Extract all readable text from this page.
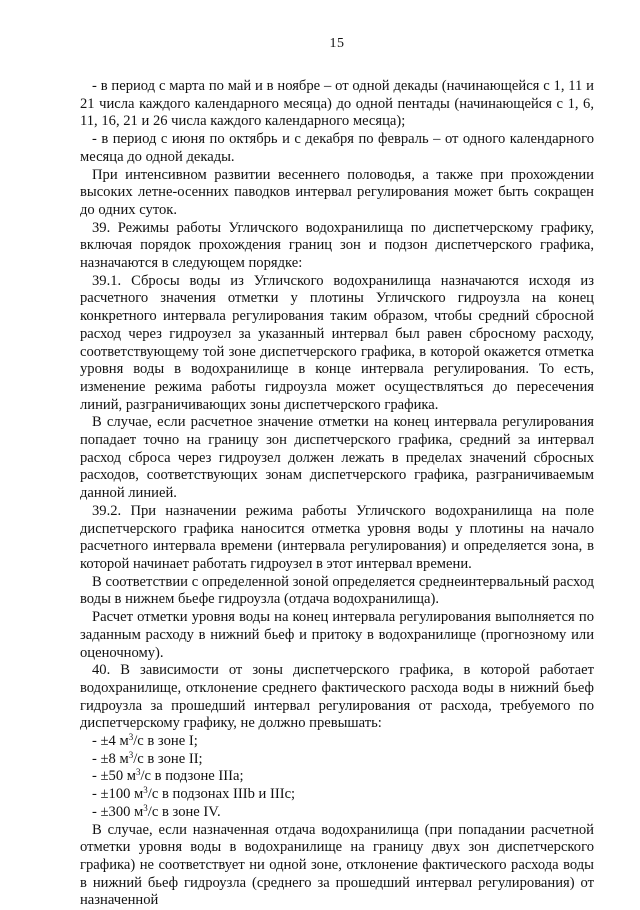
15

- в период с марта по май и в ноябре – от одной декады (начинающейся с 1, 11 и 21 числа каждого календарного месяца) до одной пентады (начинающейся с 1, 6, 11, 16, 21 и 26 числа каждого календарного месяца);

- в период с июня по октябрь и с декабря по февраль – от одного календарного месяца до одной декады.

При интенсивном развитии весеннего половодья, а также при прохождении высоких летне-осенних паводков интервал регулирования может быть сокращен до одних суток.

39. Режимы работы Угличского водохранилища по диспетчерскому графику, включая порядок прохождения границ зон и подзон диспетчерского графика, назначаются в следующем порядке:

39.1. Сбросы воды из Угличского водохранилища назначаются исходя из расчетного значения отметки у плотины Угличского гидроузла на конец конкретного интервала регулирования таким образом, чтобы средний сбросной расход через гидроузел за указанный интервал был равен сбросному расходу, соответствующему той зоне диспетчерского графика, в которой окажется отметка уровня воды в водохранилище в конце интервала регулирования. То есть, изменение режима работы гидроузла может осуществляться до пересечения линий, разграничивающих зоны диспетчерского графика.

В случае, если расчетное значение отметки на конец интервала регулирования попадает точно на границу зон диспетчерского графика, средний за интервал расход сброса через гидроузел должен лежать в пределах значений сбросных расходов, соответствующих зонам диспетчерского графика, разграничиваемым данной линией.

39.2. При назначении режима работы Угличского водохранилища на поле диспетчерского графика наносится отметка уровня воды у плотины на начало расчетного интервала времени (интервала регулирования) и определяется зона, в которой начинает работать гидроузел в этот интервал времени.

В соответствии с определенной зоной определяется среднеинтервальный расход воды в нижнем бьефе гидроузла (отдача водохранилища).

Расчет отметки уровня воды на конец интервала регулирования выполняется по заданным расходу в нижний бьеф и притоку в водохранилище (прогнозному или оценочному).

40. В зависимости от зоны диспетчерского графика, в которой работает водохранилище, отклонение среднего фактического расхода воды в нижний бьеф гидроузла за прошедший интервал регулирования от расхода, требуемого по диспетчерскому графику, не должно превышать:

- ±4 $м^3/с$ в зоне I;
- ±8 $м^3/с$ в зоне II;
- ±50 $м^3/с$ в подзоне IIIa;
- ±100 $м^3/с$ в подзонах IIIb и IIIc;
- ±300 $м^3/с$ в зоне IV.

В случае, если назначенная отдача водохранилища (при попадании расчетной отметки уровня воды в водохранилище на границу двух зон диспетчерского графика) не соответствует ни одной зоне, отклонение фактического расхода воды в нижний бьеф гидроузла (среднего за прошедший интервал регулирования) от назначенной
